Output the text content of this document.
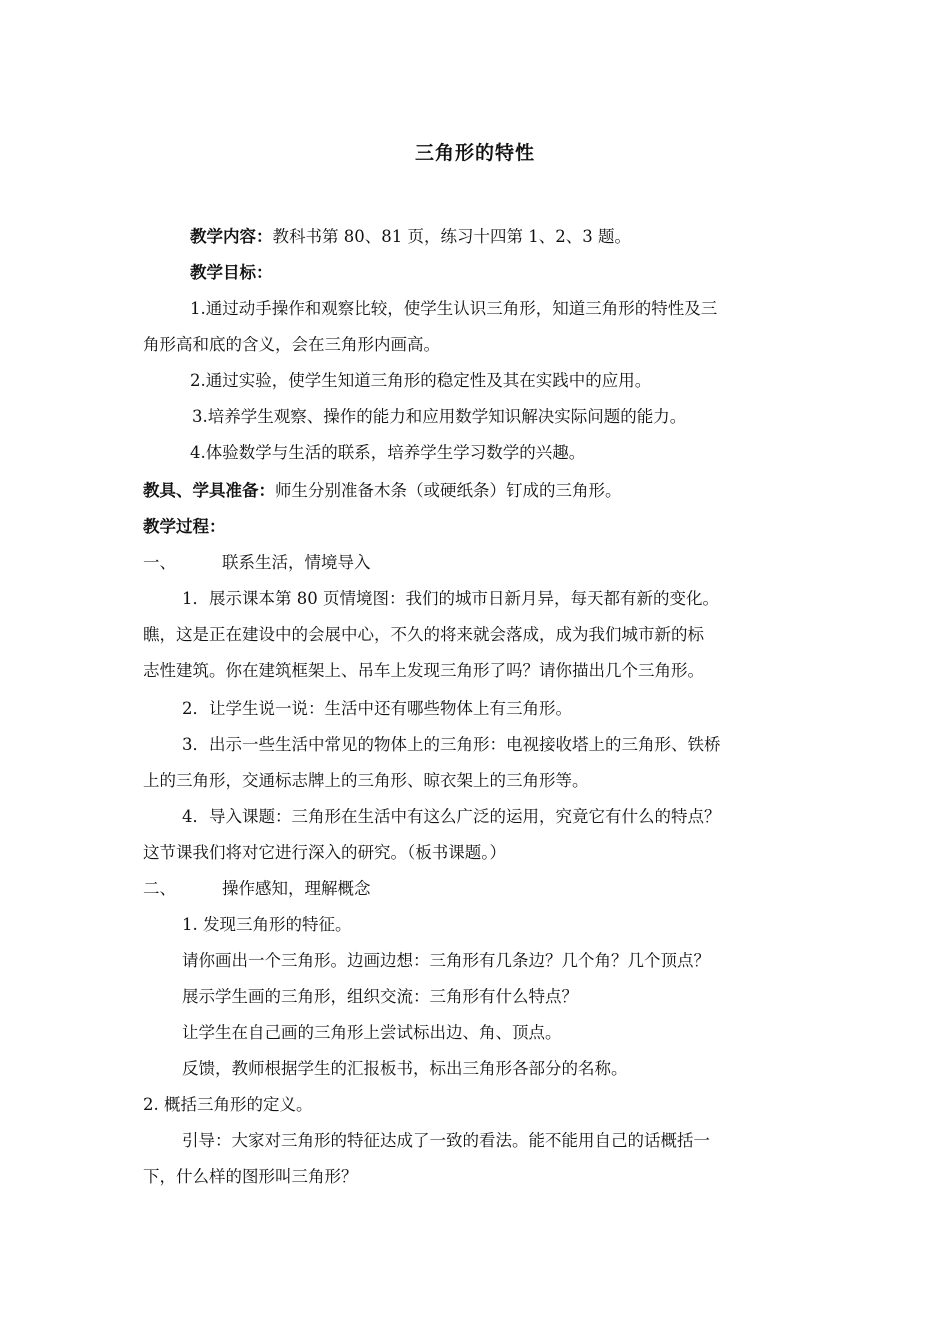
三角形的特性
教学内容：教科书第 80、81 页，练习十四第 1、2、3 题。
教学目标：
1.通过动手操作和观察比较，使学生认识三角形，知道三角形的特性及三
角形高和底的含义，会在三角形内画高。
2.通过实验，使学生知道三角形的稳定性及其在实践中的应用。
3.培养学生观察、操作的能力和应用数学知识解决实际问题的能力。
4.体验数学与生活的联系，培养学生学习数学的兴趣。
教具、学具准备：师生分别准备木条（或硬纸条）钉成的三角形。
教学过程：
一、	联系生活，情境导入
1．展示课本第 80 页情境图：我们的城市日新月异，每天都有新的变化。
瞧，这是正在建设中的会展中心，不久的将来就会落成，成为我们城市新的标
志性建筑。你在建筑框架上、吊车上发现三角形了吗？请你描出几个三角形。
2．让学生说一说：生活中还有哪些物体上有三角形。
3．出示一些生活中常见的物体上的三角形：电视接收塔上的三角形、铁桥
上的三角形，交通标志牌上的三角形、晾衣架上的三角形等。
4．导入课题：三角形在生活中有这么广泛的运用，究竟它有什么的特点？
这节课我们将对它进行深入的研究。（板书课题。）
二、	操作感知，理解概念
1. 发现三角形的特征。
请你画出一个三角形。边画边想：三角形有几条边？几个角？几个顶点？
展示学生画的三角形，组织交流：三角形有什么特点？
让学生在自己画的三角形上尝试标出边、角、顶点。
反馈，教师根据学生的汇报板书，标出三角形各部分的名称。
2. 概括三角形的定义。
引导：大家对三角形的特征达成了一致的看法。能不能用自己的话概括一
下，什么样的图形叫三角形？
